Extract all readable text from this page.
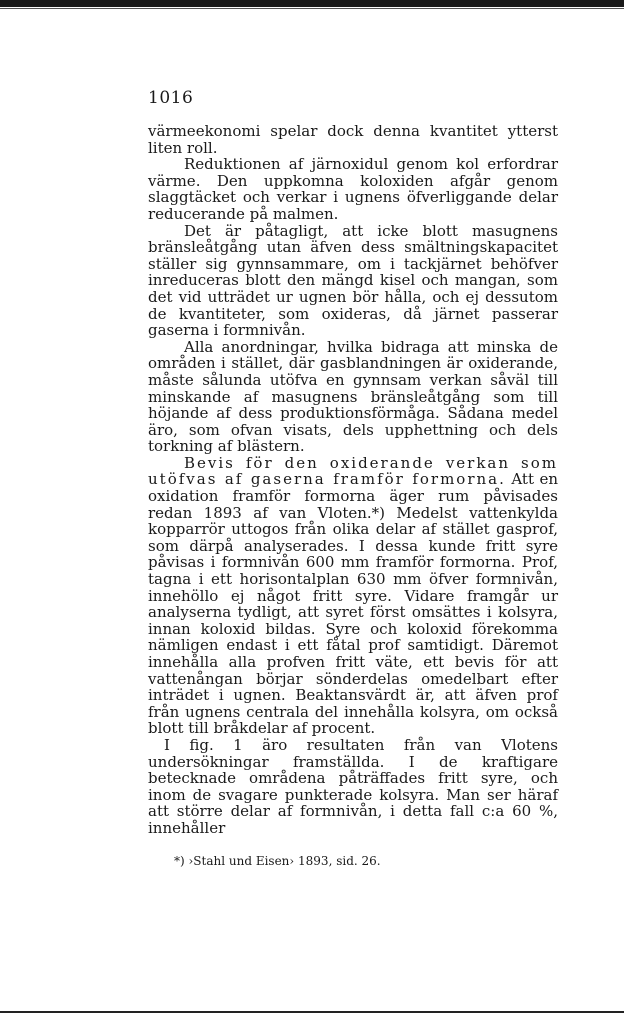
1016

värmeekonomi spelar dock denna kvantitet ytterst liten roll.

Reduktionen af järnoxidul genom kol erfordrar värme. Den uppkomna koloxiden afgår genom slaggtäcket och verkar i ugnens öfverliggande delar reducerande på malmen.

Det är påtagligt, att icke blott masugnens bränsleåtgång utan äfven dess smältningskapacitet ställer sig gynnsammare, om i tackjärnet behöfver inreduceras blott den mängd kisel och mangan, som det vid utträdet ur ugnen bör hålla, och ej dessutom de kvantiteter, som oxideras, då järnet passerar gaserna i formnivån.

Alla anordningar, hvilka bidraga att minska de områden i stället, där gasblandningen är oxiderande, måste sålunda utöfva en gynnsam verkan såväl till minskande af masugnens bränsleåtgång som till höjande af dess produktionsförmåga. Sådana medel äro, som ofvan visats, dels upphettning och dels torkning af blästern.

Bevis för den oxiderande verkan som utöfvas af gaserna framför formorna. Att en oxidation framför formorna äger rum påvisades redan 1893 af van Vloten.*) Medelst vattenkylda kopparrör uttogos från olika delar af stället gasprof, som därpå analyserades. I dessa kunde fritt syre påvisas i formnivån 600 mm framför formorna. Prof, tagna i ett horisontalplan 630 mm öfver formnivån, innehöllo ej något fritt syre. Vidare framgår ur analyserna tydligt, att syret först omsättes i kolsyra, innan koloxid bildas. Syre och koloxid förekomma nämligen endast i ett fåtal prof samtidigt. Däremot innehålla alla profven fritt väte, ett bevis för att vattenångan börjar sönderdelas omedelbart efter inträdet i ugnen. Beaktansvärdt är, att äfven prof från ugnens centrala del innehålla kolsyra, om också blott till bråkdelar af procent.

I fig. 1 äro resultaten från van Vlotens undersökningar framställda. I de kraftigare betecknade områdena påträffades fritt syre, och inom de svagare punkterade kolsyra. Man ser häraf att större delar af formnivån, i detta fall c:a 60 %, innehåller

*) ›Stahl und Eisen› 1893, sid. 26.
